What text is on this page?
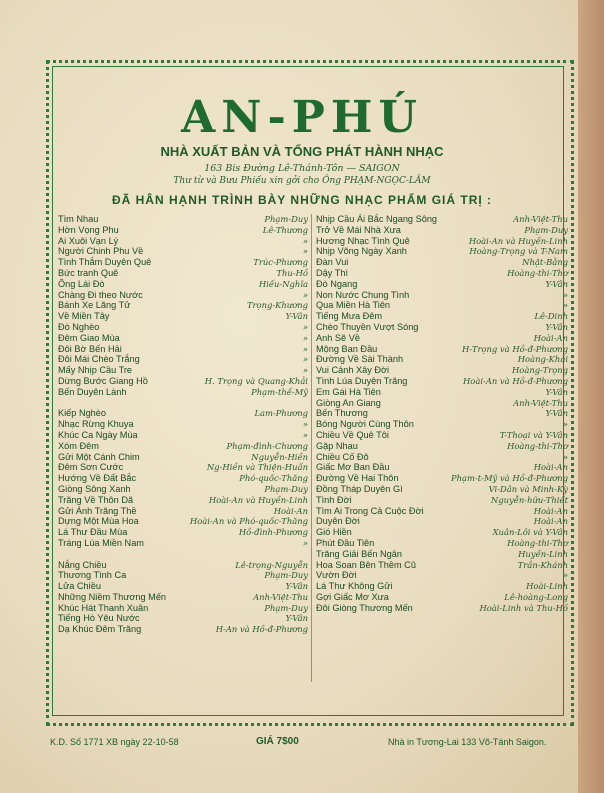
AN-PHÚ
NHÀ XUẤT BẢN VÀ TỔNG PHÁT HÀNH NHẠC
163 Bis Đường Lê-Thánh-Tôn — SAIGON
Thư từ và Bưu Phiếu xin gởi cho Ông PHẠM-NGỌC-LÂM
ĐÃ HÂN HẠNH TRÌNH BÀY NHỮNG NHẠC PHẨM GIÁ TRỊ :
Tìm Nhau	Phạm-Duy
Hờn Vọng Phu	Lê-Thương
Ai Xuôi Vạn Lý	»
Người Chinh Phu Về	»
Tình Thắm Duyên Quê	Trúc-Phương
Bức tranh Quê	Thu-Hồ
Ông Lái Đò	Hiếu-Nghĩa
Chàng Đi theo Nước	»
Bánh Xe Lăng Tử	Trọng-Khương
Về Miền Tây	Y-Vân
Đò Nghèo	»
Đêm Giao Mùa	»
Đôi Bờ Bến Hải	»
Đôi Mái Chèo Trắng	»
Mấy Nhịp Cầu Tre	»
Dừng Bước Giang Hồ	H. Trọng và Quang-Khải
Bến Duyên Lành	Phạm-thế-Mỹ
Kiếp Nghèo	Lam-Phương
Nhạc Rừng Khuya	»
Khúc Ca Ngày Mùa	»
Xóm Đêm	Phạm-đình-Chương
Gửi Một Cánh Chim	Nguyễn-Hiền
Đêm Sơn Cước	Ng-Hiền và Thiện-Huấn
Hướng Về Đất Bắc	Phó-quốc-Thăng
Giòng Sông Xanh	Phạm-Duy
Trăng Về Thôn Dã	Hoài-An và Huyền-Linh
Gửi Ánh Trăng Thề	Hoài-An
Dựng Một Mùa Hoa	Hoài-An và Phó-quốc-Thăng
Lá Thư Đầu Mùa	Hồ-đình-Phương
Tráng Lúa Miền Nam	»
Nắng Chiều	Lê-trọng-Nguyễn
Thương Tình Ca	Phạm-Duy
Lửa Chiều	Y-Vân
Những Niềm Thương Mến	Anh-Việt-Thu
Khúc Hát Thanh Xuân	Phạm-Duy
Tiếng Hò Yêu Nước	Y-Vân
Dạ Khúc Đêm Trăng	H-An và Hồ-đ-Phương
Nhịp Cầu Ái Bắc Ngang Sông	Anh-Việt-Thu
Trở Về Mái Nhà Xưa	Phạm-Duy
Hương Nhạc Tình Quê	Hoài-An và Huyền-Linh
Nhịp Võng Ngày Xanh	Hoàng-Trọng và T-Nam
Đàn Vui	Nhật-Bằng
Dậy Thì	Hoàng-thi-Thơ
Đò Ngang	Y-Vân
Non Nước Chung Tình	»
Qua Miền Hà Tiên	»
Tiếng Mưa Đêm	Lê-Dinh
Chèo Thuyền Vượt Sóng	Y-Vân
Anh Sẽ Về	Hoài-An
Mộng Ban Đầu	H-Trọng và Hồ-đ-Phương
Đường Về Sài Thành	Hoàng-Khải
Vui Cảnh Xây Đời	Hoàng-Trọng
Tình Lúa Duyên Trăng	Hoài-An và Hồ-đ-Phương
Em Gái Hà Tiên	Y-Vân
Giòng An Giang	Anh-Việt-Thu
Bến Thương	Y-Vân
Bóng Người Cùng Thôn	»
Chiều Về Quê Tôi	T-Thoại và Y-Vân
Gặp Nhau	Hoàng-thi-Thơ
Chiều Cố Đô	»
Giấc Mơ Ban Đầu	Hoài-An
Đường Về Hai Thôn	Phạm-t-Mỹ và Hồ-đ-Phương
Đồng Tháp Duyên Gì	Vi-Dân và Minh-Kỳ
Tình Đời	Nguyễn-hữu-Thiết
Tìm Ai Trong Cả Cuộc Đời	Hoài-An
Duyên Đời	Hoài-An
Gió Hiền	Xuân-Lôi và Y-Vân
Phút Đầu Tiên	Hoàng-thi-Thơ
Trăng Giải Bến Ngân	Huyền-Linh
Hoa Soan Bên Thềm Cũ	Trần-Khánh
Vườn Đời	»
Lá Thư Không Gửi	Hoài-Linh
Gợi Giấc Mơ Xưa	Lê-hoàng-Long
Đôi Giòng Thương Mến	Hoài-Linh và Thu-Hồ
K.D. Số 1771 XB ngày 22-10-58	GIÁ 7$00	Nhà in Tương-Lai 133 Võ-Tánh Saigon.
